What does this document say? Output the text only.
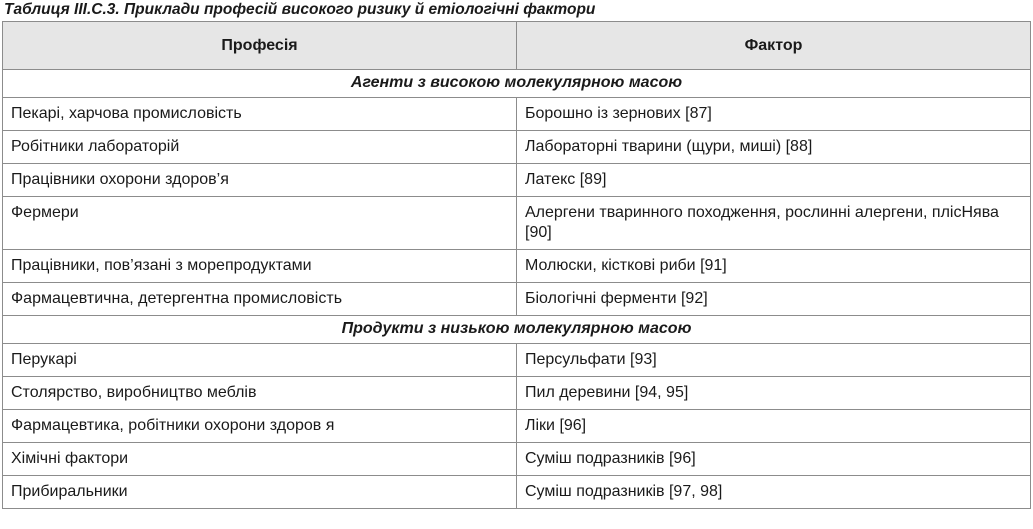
Таблиця III.С.3. Приклади професій високого ризику й етіологічні фактори
Професія	Фактор
Агенти з високою молекулярною масою	
Пекарі, харчова промисловість	Борошно із зернових [87]
Робітники лабораторій	Лабораторні тварини (щури, миші) [88]
Працівники охорони здоров’я	Латекс [89]
Фермери	Алергени тваринного походження, рослинні алергени, плісНява [90]
Працівники, пов’язані з морепродуктами	Молюски, кісткові риби [91]
Фармацевтична, детергентна промисловість	Біологічні ферменти [92]
Продукти з низькою молекулярною масою	
Перукарі	Персульфати [93]
Столярство, виробництво меблів	Пил деревини [94, 95]
Фармацевтика, робітники охорони здоров я	Ліки [96]
Хімічні фактори	Суміш подразників [96]
Прибиральники	Суміш подразників [97, 98]
